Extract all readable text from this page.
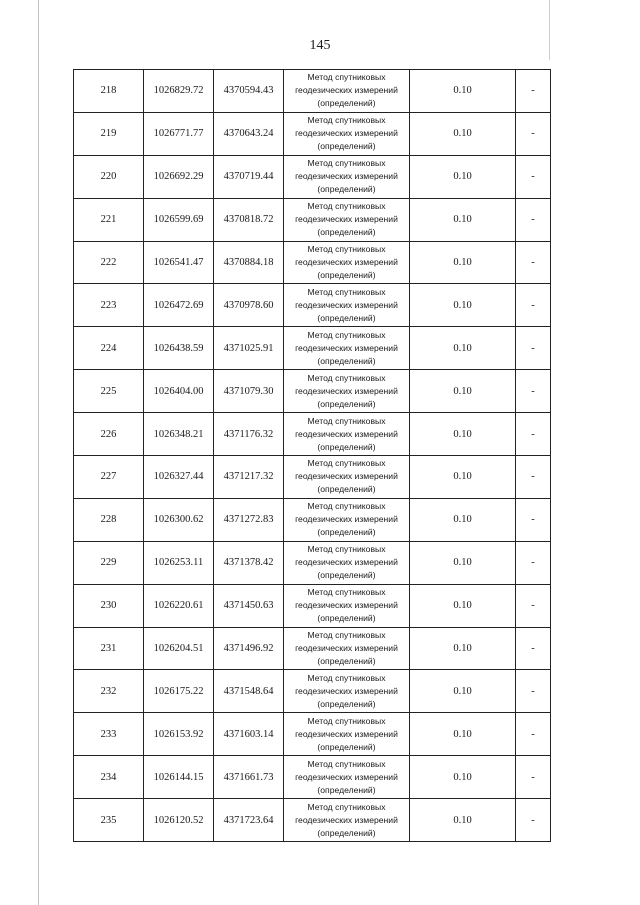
145
218	1026829.72	4370594.43	Метод спутниковых геодезических измерений (определений)	0.10	-
219	1026771.77	4370643.24	Метод спутниковых геодезических измерений (определений)	0.10	-
220	1026692.29	4370719.44	Метод спутниковых геодезических измерений (определений)	0.10	-
221	1026599.69	4370818.72	Метод спутниковых геодезических измерений (определений)	0.10	-
222	1026541.47	4370884.18	Метод спутниковых геодезических измерений (определений)	0.10	-
223	1026472.69	4370978.60	Метод спутниковых геодезических измерений (определений)	0.10	-
224	1026438.59	4371025.91	Метод спутниковых геодезических измерений (определений)	0.10	-
225	1026404.00	4371079.30	Метод спутниковых геодезических измерений (определений)	0.10	-
226	1026348.21	4371176.32	Метод спутниковых геодезических измерений (определений)	0.10	-
227	1026327.44	4371217.32	Метод спутниковых геодезических измерений (определений)	0.10	-
228	1026300.62	4371272.83	Метод спутниковых геодезических измерений (определений)	0.10	-
229	1026253.11	4371378.42	Метод спутниковых геодезических измерений (определений)	0.10	-
230	1026220.61	4371450.63	Метод спутниковых геодезических измерений (определений)	0.10	-
231	1026204.51	4371496.92	Метод спутниковых геодезических измерений (определений)	0.10	-
232	1026175.22	4371548.64	Метод спутниковых геодезических измерений (определений)	0.10	-
233	1026153.92	4371603.14	Метод спутниковых геодезических измерений (определений)	0.10	-
234	1026144.15	4371661.73	Метод спутниковых геодезических измерений (определений)	0.10	-
235	1026120.52	4371723.64	Метод спутниковых геодезических измерений (определений)	0.10	-
